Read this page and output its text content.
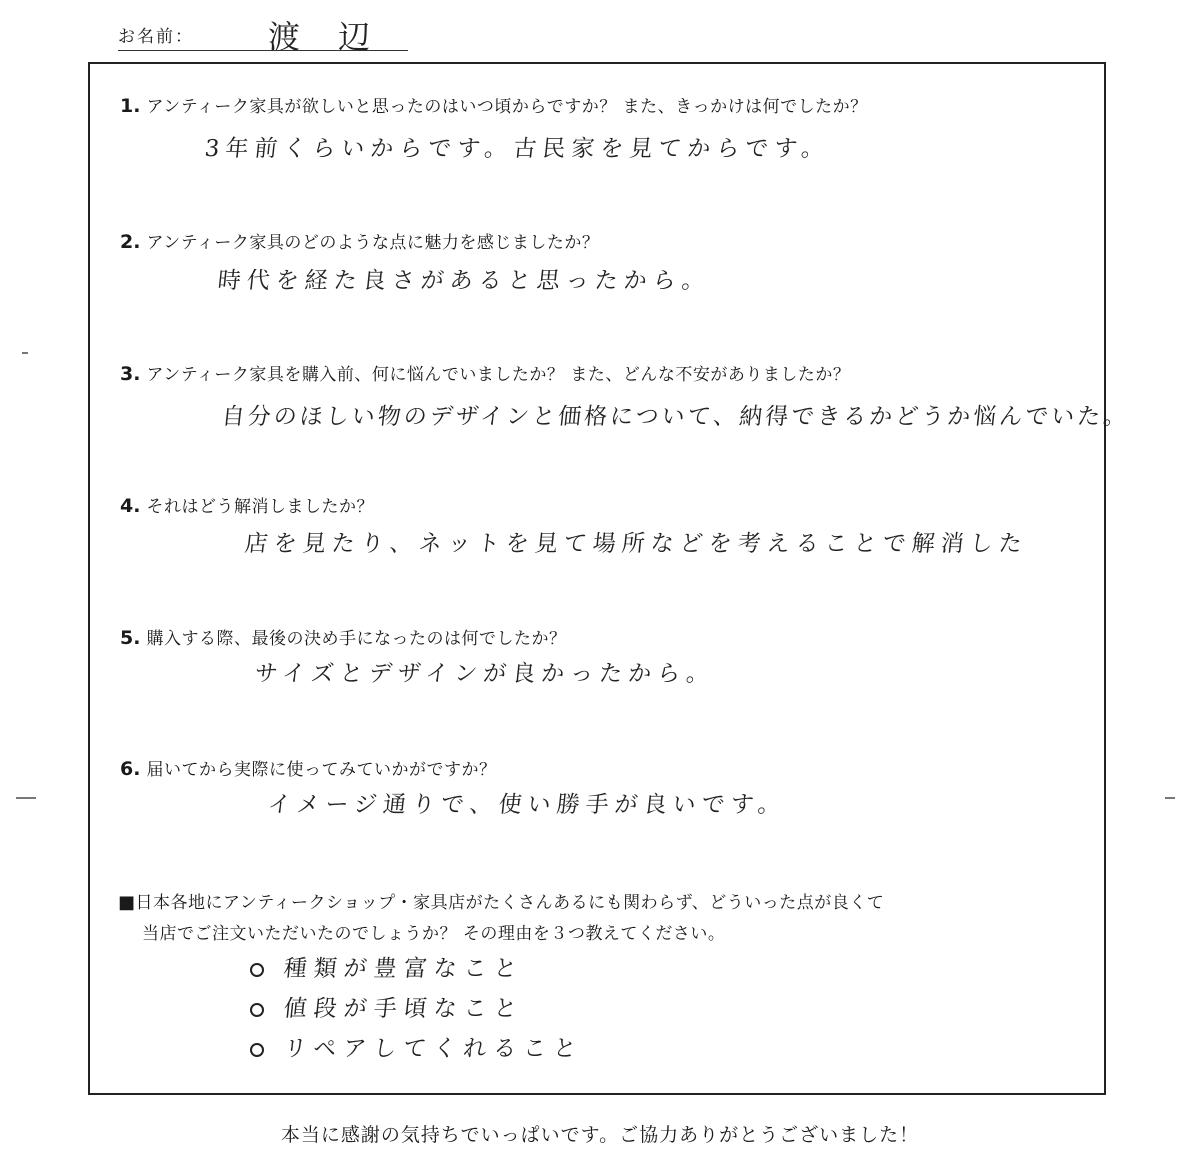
お名前： 渡 辺
1. アンティーク家具が欲しいと思ったのはいつ頃からですか？ また、きっかけは何でしたか？
3年前くらいからです。古民家を見てからです。
2. アンティーク家具のどのような点に魅力を感じましたか？
時代を経た良さがあると思ったから。
3. アンティーク家具を購入前、何に悩んでいましたか？ また、どんな不安がありましたか？
自分のほしい物のデザインと価格について、納得できるかどうか悩んでいた。
4. それはどう解消しましたか？
店を見たり、ネットを見て場所などを考えることで解消した
5. 購入する際、最後の決め手になったのは何でしたか？
サイズとデザインが良かったから。
6. 届いてから実際に使ってみていかがですか？
イメージ通りで、使い勝手が良いです。
■日本各地にアンティークショップ・家具店がたくさんあるにも関わらず、どういった点が良くて
当店でご注文いただいたのでしょうか？ その理由を３つ教えてください。
種類が豊富なこと
値段が手頃なこと
リペアしてくれること
本当に感謝の気持ちでいっぱいです。ご協力ありがとうございました！
